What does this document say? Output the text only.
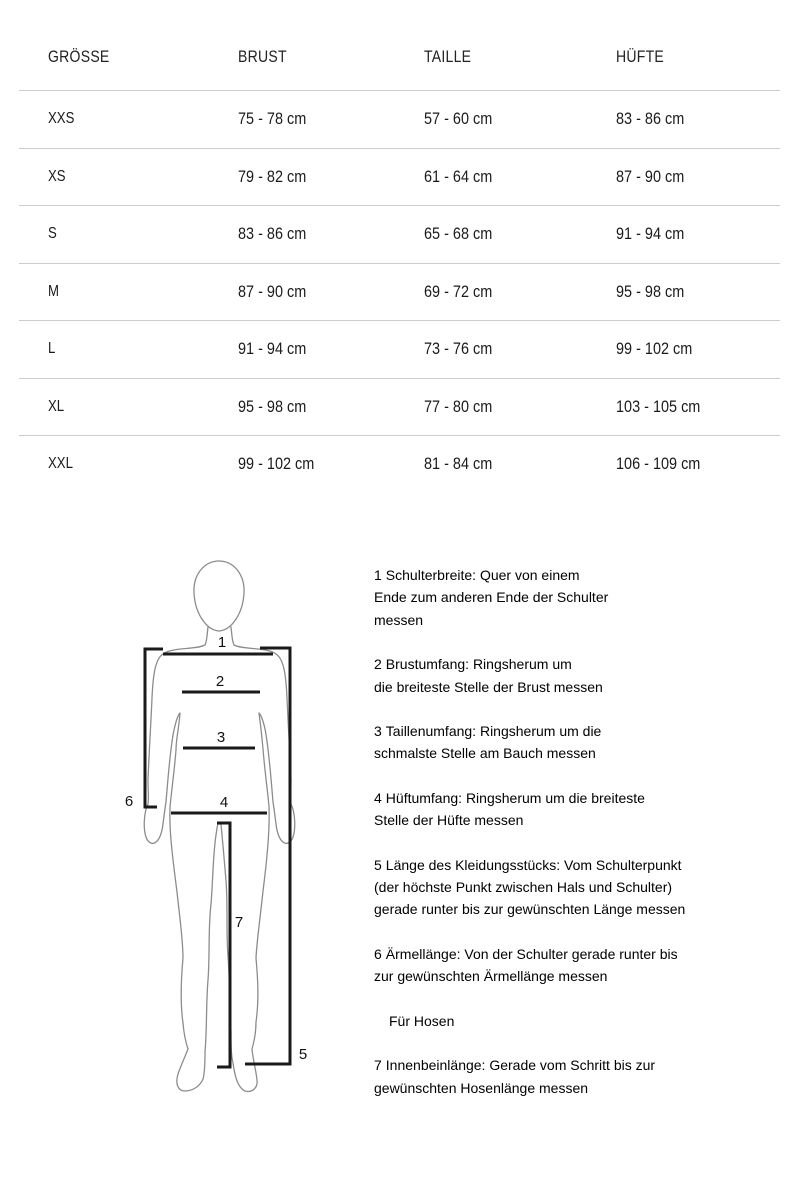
GRÖSSE	BRUST	TAILLE	HÜFTE
XXS	75 - 78 cm	57 - 60 cm	83 - 86 cm
XS	79 - 82 cm	61 - 64 cm	87 - 90 cm
S	83 - 86 cm	65 - 68 cm	91 - 94 cm
M	87 - 90 cm	69 - 72 cm	95 - 98 cm
L	91 - 94 cm	73 - 76 cm	99 - 102 cm
XL	95 - 98 cm	77 - 80 cm	103 - 105 cm
XXL	99 - 102 cm	81 - 84 cm	106 - 109 cm
1
2
3
4
5
6
7
1 Schulterbreite: Quer von einem
Ende zum anderen Ende der Schulter
messen
2 Brustumfang: Ringsherum um
die breiteste Stelle der Brust messen
3 Taillenumfang: Ringsherum um die
schmalste Stelle am Bauch messen
4 Hüftumfang: Ringsherum um die breiteste
Stelle der Hüfte messen
5 Länge des Kleidungsstücks: Vom Schulterpunkt
(der höchste Punkt zwischen Hals und Schulter)
gerade runter bis zur gewünschten Länge messen
6 Ärmellänge: Von der Schulter gerade runter bis
zur gewünschten Ärmellänge messen
Für Hosen
7 Innenbeinlänge: Gerade vom Schritt bis zur
gewünschten Hosenlänge messen
